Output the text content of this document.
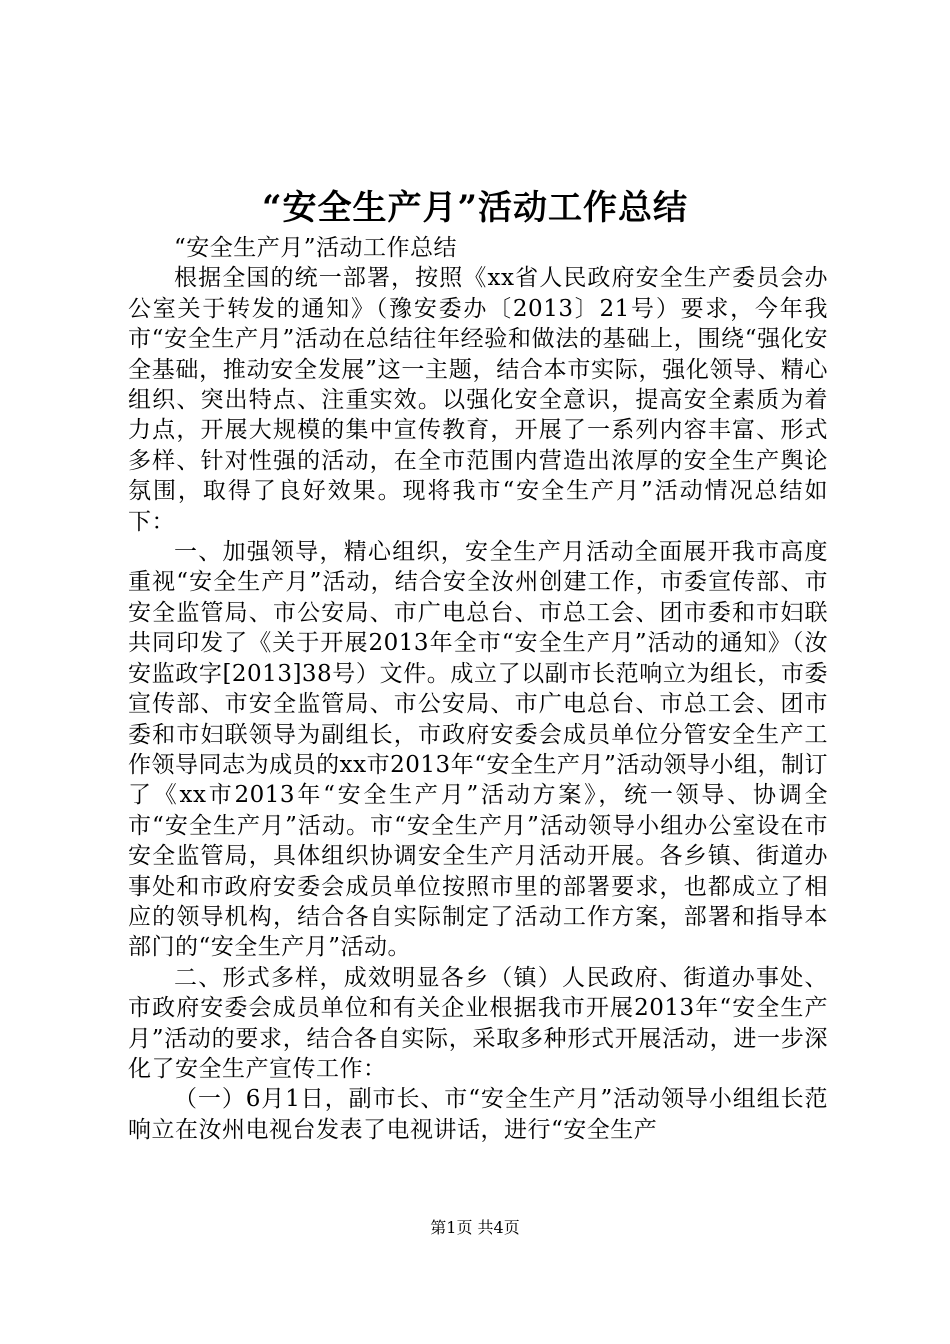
“安全生产月”活动工作总结

“安全生产月”活动工作总结

根据全国的统一部署，按照《xx省人民政府安全生产委员会办公室关于转发的通知》（豫安委办〔2013〕21号）要求，今年我市“安全生产月”活动在总结往年经验和做法的基础上，围绕“强化安全基础，推动安全发展”这一主题，结合本市实际，强化领导、精心组织、突出特点、注重实效。以强化安全意识，提高安全素质为着力点，开展大规模的集中宣传教育，开展了一系列内容丰富、形式多样、针对性强的活动，在全市范围内营造出浓厚的安全生产舆论氛围，取得了良好效果。现将我市“安全生产月”活动情况总结如下：

一、加强领导，精心组织，安全生产月活动全面展开我市高度重视“安全生产月”活动，结合安全汝州创建工作，市委宣传部、市安全监管局、市公安局、市广电总台、市总工会、团市委和市妇联共同印发了《关于开展2013年全市“安全生产月”活动的通知》（汝安监政字[2013]38号）文件。成立了以副市长范响立为组长，市委宣传部、市安全监管局、市公安局、市广电总台、市总工会、团市委和市妇联领导为副组长，市政府安委会成员单位分管安全生产工作领导同志为成员的xx市2013年“安全生产月”活动领导小组，制订了《xx市2013年“安全生产月”活动方案》，统一领导、协调全市“安全生产月”活动。市“安全生产月”活动领导小组办公室设在市安全监管局，具体组织协调安全生产月活动开展。各乡镇、街道办事处和市政府安委会成员单位按照市里的部署要求，也都成立了相应的领导机构，结合各自实际制定了活动工作方案，部署和指导本部门的“安全生产月”活动。

二、形式多样，成效明显各乡（镇）人民政府、街道办事处、市政府安委会成员单位和有关企业根据我市开展2013年“安全生产月”活动的要求，结合各自实际，采取多种形式开展活动，进一步深化了安全生产宣传工作：

（一）6月1日，副市长、市“安全生产月”活动领导小组组长范响立在汝州电视台发表了电视讲话，进行“安全生产

第1页 共4页
